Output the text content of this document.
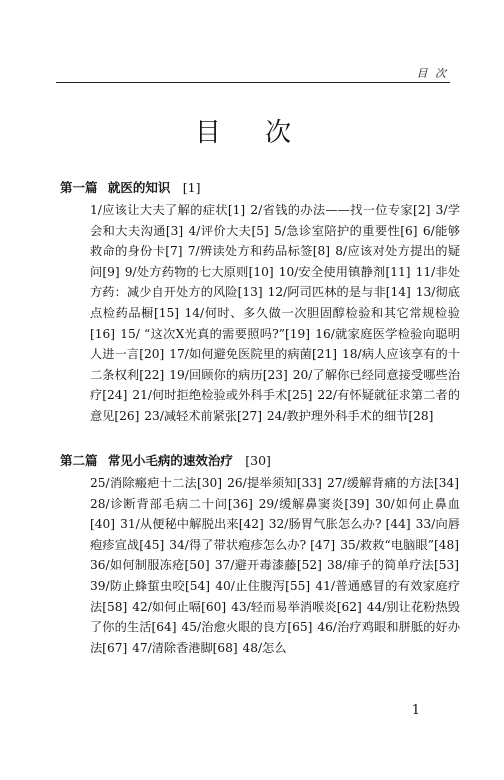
目 次
目 次
第一篇 就医的知识 [1]
1/应该让大夫了解的症状[1] 2/省钱的办法——找一位专家[2] 3/学会和大夫沟通[3] 4/评价大夫[5] 5/急诊室陪护的重要性[6] 6/能够救命的身份卡[7] 7/辨读处方和药品标签[8] 8/应该对处方提出的疑问[9] 9/处方药物的七大原则[10] 10/安全使用镇静剂[11] 11/非处方药：减少自开处方的风险[13] 12/阿司匹林的是与非[14] 13/彻底点检药品橱[15] 14/何时、多久做一次胆固醇检验和其它常规检验 [16] 15/ “这次X光真的需要照吗?”[19] 16/就家庭医学检验向聪明人进一言[20] 17/如何避免医院里的病菌[21] 18/病人应该享有的十二条权利[22] 19/回顾你的病历[23] 20/了解你已经同意接受哪些治疗[24] 21/何时拒绝检验或外科手术[25] 22/有怀疑就征求第二者的意见[26] 23/减轻术前紧张[27] 24/教护理外科手术的细节[28]
第二篇 常见小毛病的速效治疗 [30]
25/消除瘢疤十二法[30] 26/提举须知[33] 27/缓解背痛的方法[34] 28/诊断背部毛病二十问[36] 29/缓解鼻窦炎[39] 30/如何止鼻血[40] 31/从便秘中解脱出来[42] 32/肠胃气胀怎么办? [44] 33/向唇疱疹宣战[45] 34/得了带状疱疹怎么办? [47] 35/救救“电脑眼”[48] 36/如何制服冻疮[50] 37/避开毒漆藤[52] 38/痱子的简单疗法[53] 39/防止蜂蜇虫咬[54] 40/止住腹泻[55] 41/普通感冒的有效家庭疗法[58] 42/如何止嗝[60] 43/轻而易举消喉炎[62] 44/别让花粉热毁了你的生活[64] 45/治愈火眼的良方[65] 46/治疗鸡眼和胼胝的好办法[67] 47/清除香港脚[68] 48/怎么
1
